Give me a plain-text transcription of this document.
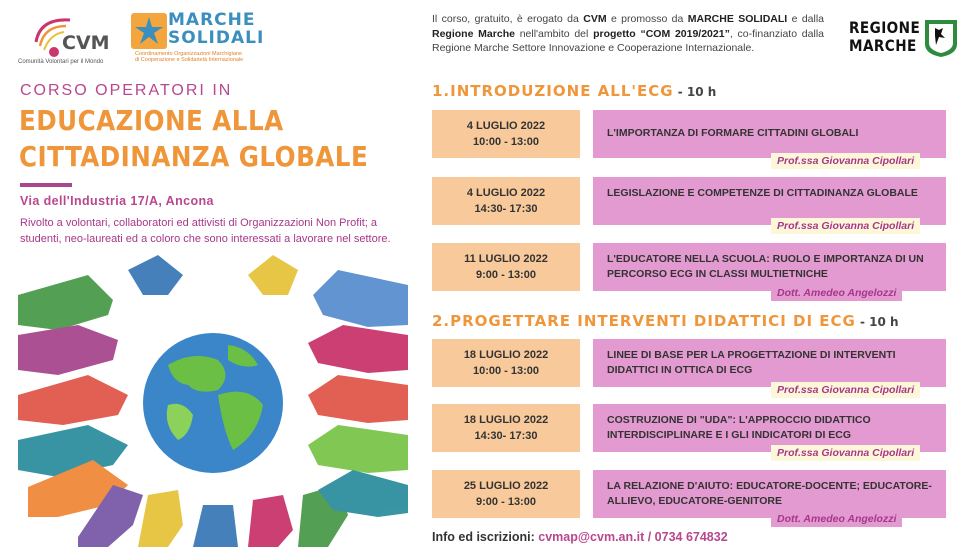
CVM
Comunità Volontari per il Mondo
MARCHE
SOLIDALI
Coordinamento Organizzazioni Marchigiane
di Cooperazione e Solidarietà Internazionale
CORSO OPERATORI IN
EDUCAZIONE ALLA
CITTADINANZA GLOBALE
Via dell'Industria 17/A, Ancona
Rivolto a volontari, collaboratori ed attivisti di Organizzazioni Non Profit; a studenti, neo-laureati ed a coloro che sono interessati a lavorare nel settore.
Il corso, gratuito, è erogato da CVM e promosso da MARCHE SOLIDALI e dalla Regione Marche nell'ambito del progetto “COM 2019/2021”, co-finanziato dalla Regione Marche Settore Innovazione e Cooperazione Internazionale.
REGIONE
MARCHE
1.INTRODUZIONE ALL'ECG - 10 h
4 LUGLIO 2022
10:00 - 13:00
L'IMPORTANZA DI FORMARE CITTADINI GLOBALI
Prof.ssa Giovanna Cipollari
4 LUGLIO 2022
14:30- 17:30
LEGISLAZIONE E COMPETENZE DI CITTADINANZA GLOBALE
Prof.ssa Giovanna Cipollari
11 LUGLIO 2022
9:00 - 13:00
L'EDUCATORE NELLA SCUOLA: RUOLO E IMPORTANZA DI UN PERCORSO ECG IN CLASSI MULTIETNICHE
Dott. Amedeo Angelozzi
2.PROGETTARE INTERVENTI DIDATTICI DI ECG - 10 h
18 LUGLIO 2022
10:00 - 13:00
LINEE DI BASE PER LA PROGETTAZIONE DI INTERVENTI DIDATTICI IN OTTICA DI ECG
Prof.ssa Giovanna Cipollari
18 LUGLIO 2022
14:30- 17:30
COSTRUZIONE DI "UDA": L'APPROCCIO DIDATTICO INTERDISCIPLINARE E I GLI INDICATORI DI ECG
Prof.ssa Giovanna Cipollari
25 LUGLIO 2022
9:00 - 13:00
LA RELAZIONE D'AIUTO: EDUCATORE-DOCENTE; EDUCATORE-ALLIEVO, EDUCATORE-GENITORE
Dott. Amedeo Angelozzi
Info ed iscrizioni: cvmap@cvm.an.it / 0734 674832
